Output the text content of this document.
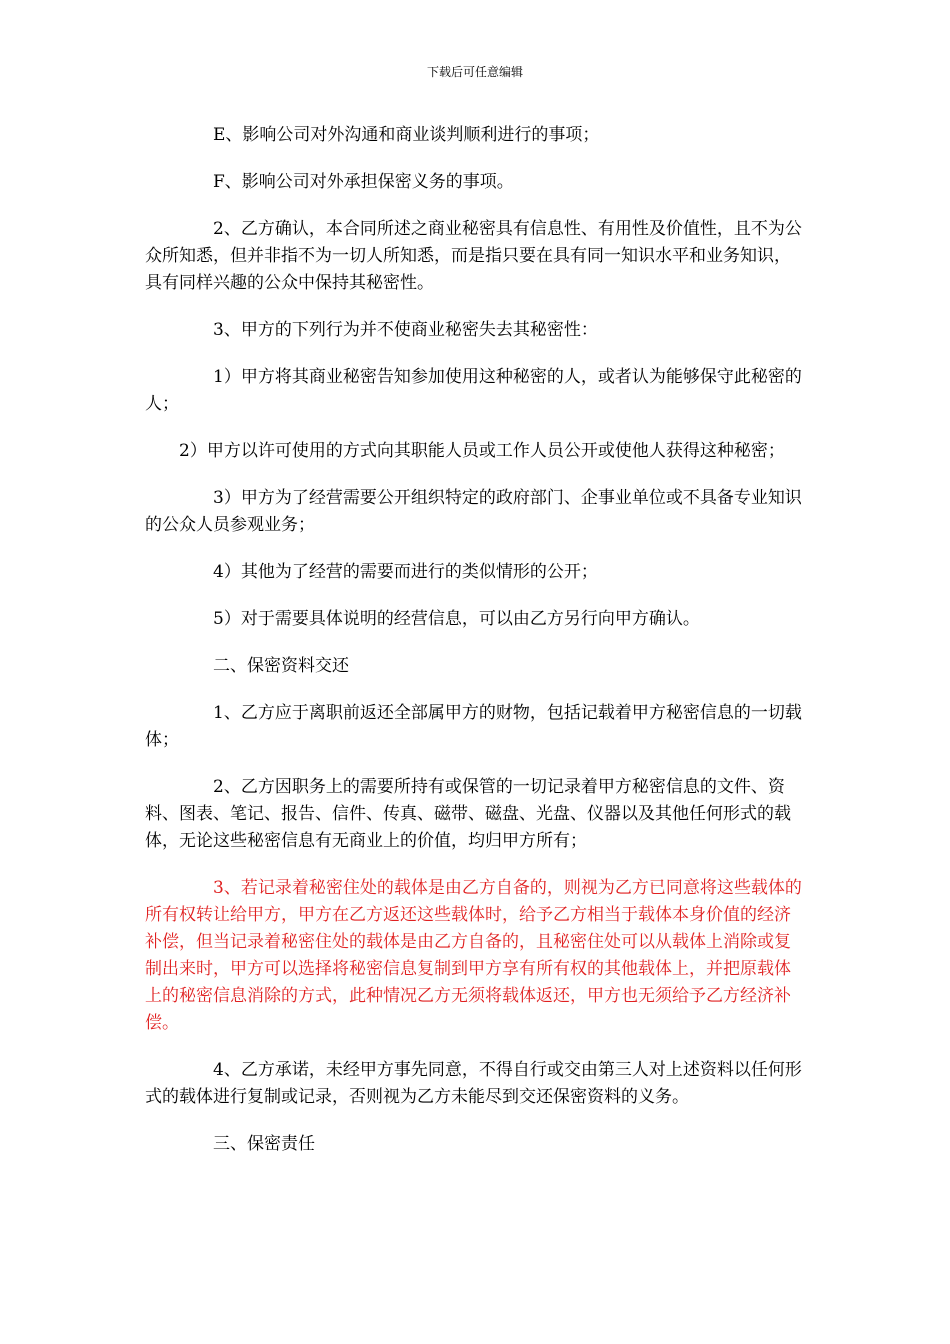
下载后可任意编辑

E、影响公司对外沟通和商业谈判顺利进行的事项；

F、影响公司对外承担保密义务的事项。

2、乙方确认，本合同所述之商业秘密具有信息性、有用性及价值性，且不为公众所知悉，但并非指不为一切人所知悉，而是指只要在具有同一知识水平和业务知识，具有同样兴趣的公众中保持其秘密性。

3、甲方的下列行为并不使商业秘密失去其秘密性：

1）甲方将其商业秘密告知参加使用这种秘密的人，或者认为能够保守此秘密的人；

2）甲方以许可使用的方式向其职能人员或工作人员公开或使他人获得这种秘密；

3）甲方为了经营需要公开组织特定的政府部门、企事业单位或不具备专业知识的公众人员参观业务；

4）其他为了经营的需要而进行的类似情形的公开；

5）对于需要具体说明的经营信息，可以由乙方另行向甲方确认。

二、保密资料交还

1、乙方应于离职前返还全部属甲方的财物，包括记载着甲方秘密信息的一切载体；

2、乙方因职务上的需要所持有或保管的一切记录着甲方秘密信息的文件、资料、图表、笔记、报告、信件、传真、磁带、磁盘、光盘、仪器以及其他任何形式的载体，无论这些秘密信息有无商业上的价值，均归甲方所有；

3、若记录着秘密住处的载体是由乙方自备的，则视为乙方已同意将这些载体的所有权转让给甲方，甲方在乙方返还这些载体时，给予乙方相当于载体本身价值的经济补偿，但当记录着秘密住处的载体是由乙方自备的，且秘密住处可以从载体上消除或复制出来时，甲方可以选择将秘密信息复制到甲方享有所有权的其他载体上，并把原载体上的秘密信息消除的方式，此种情况乙方无须将载体返还，甲方也无须给予乙方经济补偿。

4、乙方承诺，未经甲方事先同意，不得自行或交由第三人对上述资料以任何形式的载体进行复制或记录，否则视为乙方未能尽到交还保密资料的义务。

三、保密责任
